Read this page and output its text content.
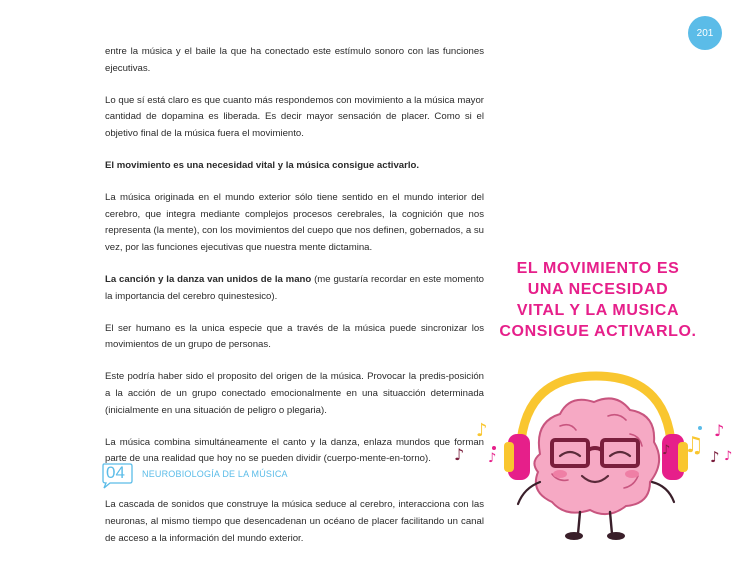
201

entre la música y el baile la que ha conectado este estímulo sonoro con las funciones ejecutivas.

Lo que sí está claro es que cuanto más respondemos con movimiento a la música mayor cantidad de dopamina es liberada. Es decir mayor sensación de placer. Como si el objetivo final de la música fuera el movimiento.

El movimiento es una necesidad vital y la música consigue activarlo.

La música originada en el mundo exterior sólo tiene sentido en el mundo interior del cerebro, que integra mediante complejos procesos cerebrales, la cognición que nos representa (la mente), con los movimientos del cuepo que nos definen, gobernados, a su vez, por las funciones ejecutivas que nuestra mente dictamina.

La canción y la danza van unidos de la mano (me gustaría recordar en este momento la importancia del cerebro quinestesico).

El ser humano es la unica especie que a través de la música puede sincronizar los movimientos de un grupo de personas.

Este podría haber sido el proposito del origen de la música. Provocar la predis-posición a la acción de un grupo conectado emocionalmente en una situacción determinada (inicialmente en una situación de peligro o plegaria).

La música combina simultáneamente el canto y la danza, enlaza mundos que forman parte de una realidad que hoy no se pueden dividir (cuerpo-mente-en-torno).

04 NEUROBIOLOGÍA DE LA MÚSICA

La cascada de sonidos que construye la música seduce al cerebro, interacciona con las neuronas, al mismo tiempo que desencadenan un océano de placer facilitando un canal de acceso a la información del mundo exterior.

EL MOVIMIENTO ES
UNA NECESIDAD
VITAL Y LA MUSICA
CONSIGUE ACTIVARLO.
♪
♪ ♪
♫
♪
♪	♪ ♪
